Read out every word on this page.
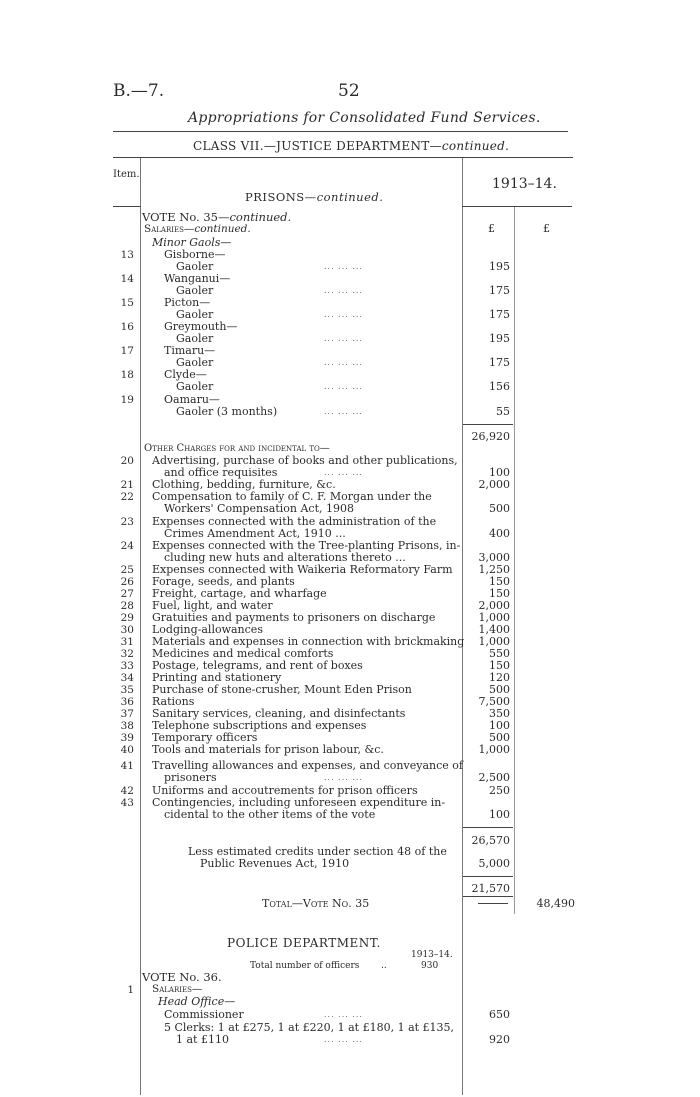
B.—7.	52
Appropriations for Consolidated Fund Services.
CLASS VII.—JUSTICE DEPARTMENT—continued.
Item.
1913–14.
£	£
PRISONS—continued.
VOTE No. 35—continued.
Salaries—continued.
Minor Gaols—
13	Gisborne—
Gaoler	... ... ...	195
14	Wanganui—
Gaoler	... ... ...	175
15	Picton—
Gaoler	... ... ...	175
16	Greymouth—
Gaoler	... ... ...	195
17	Timaru—
Gaoler	... ... ...	175
18	Clyde—
Gaoler	... ... ...	156
19	Oamaru—
Gaoler (3 months)	... ... ...	55
26,920
Other Charges for and incidental to—
20 Advertising, purchase of books and other publications,
and office requisites	... ... ...	100
21 Clothing, bedding, furniture, &c.	2,000
22 Compensation to family of C. F. Morgan under the
Workers' Compensation Act, 1908	500
23 Expenses connected with the administration of the
Crimes Amendment Act, 1910 ...	400
24 Expenses connected with the Tree-planting Prisons, in-
cluding new huts and alterations thereto ...	3,000
25 Expenses connected with Waikeria Reformatory Farm	1,250
26 Forage, seeds, and plants	150
27 Freight, cartage, and wharfage	150
28 Fuel, light, and water	2,000
29 Gratuities and payments to prisoners on discharge	1,000
30 Lodging-allowances	1,400
31 Materials and expenses in connection with brickmaking	1,000
32 Medicines and medical comforts	550
33 Postage, telegrams, and rent of boxes	150
34 Printing and stationery	120
35 Purchase of stone-crusher, Mount Eden Prison	500
36 Rations	7,500
37 Sanitary services, cleaning, and disinfectants	350
38 Telephone subscriptions and expenses	100
39 Temporary officers	500
40 Tools and materials for prison labour, &c.	1,000
41 Travelling allowances and expenses, and conveyance of
prisoners	... ... ...	2,500
42 Uniforms and accoutrements for prison officers	250
43 Contingencies, including unforeseen expenditure in-
cidental to the other items of the vote	100
26,570
Less estimated credits under section 48 of the
Public Revenues Act, 1910	5,000
21,570
Total—Vote No. 35	48,490
POLICE DEPARTMENT.
1913–14.
Total number of officers ..	930
VOTE No. 36.
Salaries—
1
Head Office—
Commissioner	... ... ...	650
5 Clerks: 1 at £275, 1 at £220, 1 at £180, 1 at £135,
1 at £110	... ... ...	920
